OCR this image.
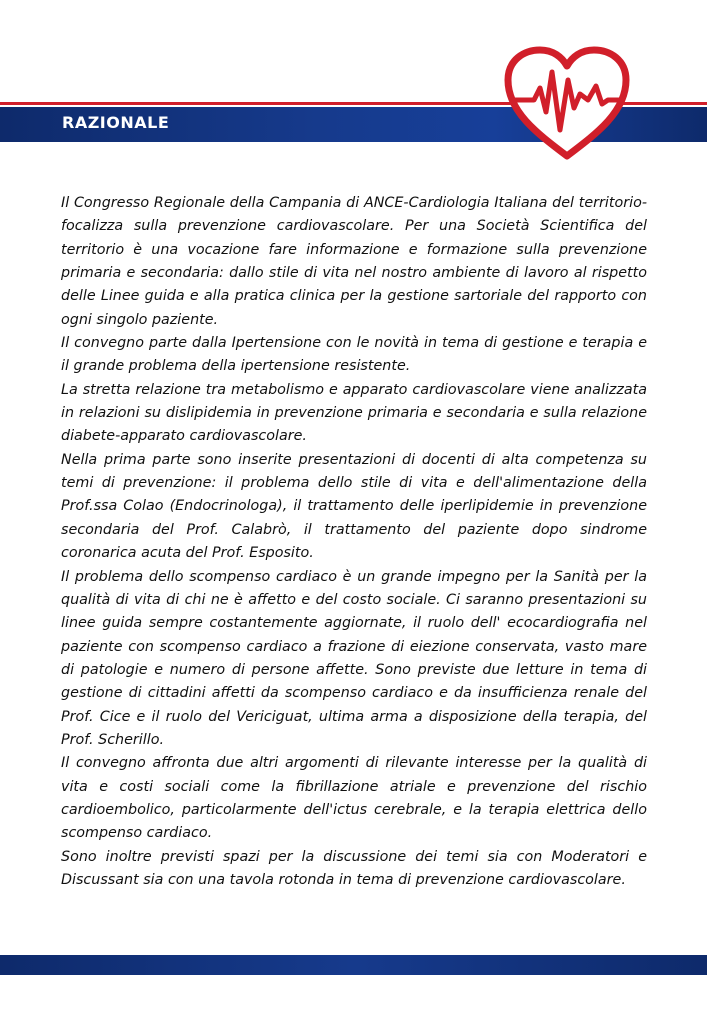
RAZIONALE

Il Congresso Regionale della Campania di ANCE-Cardiologia Italiana del territorio-focalizza sulla prevenzione cardiovascolare. Per una Società Scientifica del territorio è una vocazione fare informazione e formazione sulla prevenzione primaria e secondaria: dallo stile di vita nel nostro ambiente di lavoro al rispetto delle Linee guida e alla pratica clinica per la gestione sartoriale del rapporto con ogni singolo paziente.

Il convegno parte dalla Ipertensione con le novità in tema di gestione e terapia e il grande problema della ipertensione resistente.

La stretta relazione tra metabolismo e apparato cardiovascolare viene analizzata in relazioni su dislipidemia in prevenzione primaria e secondaria e sulla relazione diabete-apparato cardiovascolare.

Nella prima parte sono inserite presentazioni di docenti di alta competenza su temi di prevenzione: il problema dello stile di vita e dell'alimentazione della Prof.ssa Colao (Endocrinologa), il trattamento delle iperlipidemie in prevenzione secondaria del Prof. Calabrò, il trattamento del paziente dopo sindrome coronarica acuta del Prof. Esposito.

Il problema dello scompenso cardiaco è un grande impegno per la Sanità per la qualità di vita di chi ne è affetto e del costo sociale. Ci saranno presentazioni su linee guida sempre costantemente aggiornate, il ruolo dell' ecocardiografia nel paziente con scompenso cardiaco a frazione di eiezione conservata, vasto mare di patologie e numero di persone affette. Sono previste due letture in tema di gestione di cittadini affetti da scompenso cardiaco e da insufficienza renale del Prof. Cice e il ruolo del Vericiguat, ultima arma a disposizione della terapia, del Prof. Scherillo.

Il convegno affronta due altri argomenti di rilevante interesse per la qualità di vita e costi sociali come la fibrillazione atriale e prevenzione del rischio cardioembolico, particolarmente dell'ictus cerebrale, e la terapia elettrica dello scompenso cardiaco.

Sono inoltre previsti spazi per la discussione dei temi sia con Moderatori e Discussant sia con una tavola rotonda in tema di prevenzione cardiovascolare.
